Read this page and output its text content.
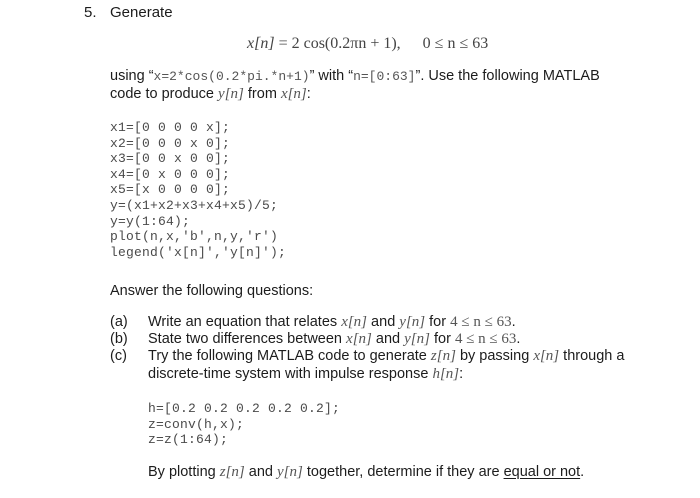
5. Generate
x[n] = 2 cos(0.2πn + 1), 0 ≤ n ≤ 63
using “x=2*cos(0.2*pi.*n+1)” with “n=[0:63]”. Use the following MATLAB
code to produce y[n] from x[n]:
x1=[0 0 0 0 x];
x2=[0 0 0 x 0];
x3=[0 0 x 0 0];
x4=[0 x 0 0 0];
x5=[x 0 0 0 0];
y=(x1+x2+x3+x4+x5)/5;
y=y(1:64);
plot(n,x,'b',n,y,'r')
legend('x[n]','y[n]');
Answer the following questions:
(a) Write an equation that relates x[n] and y[n] for 4 ≤ n ≤ 63.
(b) State two differences between x[n] and y[n] for 4 ≤ n ≤ 63.
(c) Try the following MATLAB code to generate z[n] by passing x[n] through a
discrete-time system with impulse response h[n]:
h=[0.2 0.2 0.2 0.2 0.2];
z=conv(h,x);
z=z(1:64);
By plotting z[n] and y[n] together, determine if they are equal or not.
